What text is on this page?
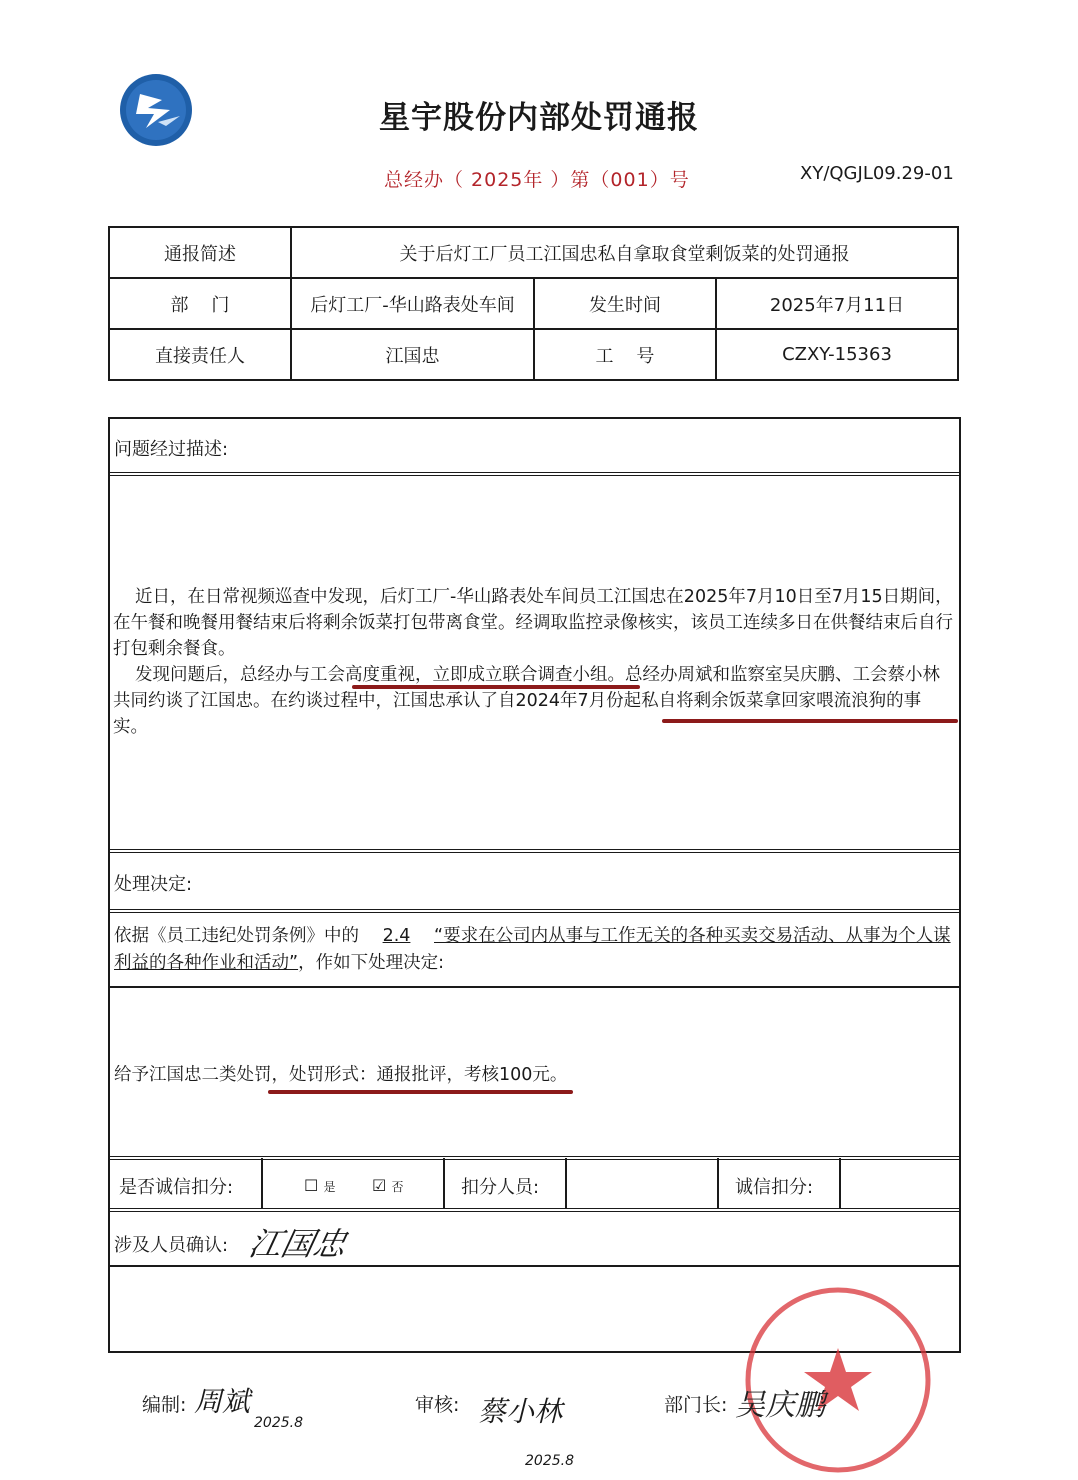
星宇股份内部处罚通报
总经办（ 2025年 ）第（001）号	XY/QGJL09.29-01
通报简述	关于后灯工厂员工江国忠私自拿取食堂剩饭菜的处罚通报		
部    门	后灯工厂-华山路表处车间	发生时间	2025年7月11日
直接责任人	江国忠	工    号	CZXY-15363
问题经过描述:

近日，在日常视频巡查中发现，后灯工厂-华山路表处车间员工江国忠在2025年7月10日至7月15日期间，在午餐和晚餐用餐结束后将剩余饭菜打包带离食堂。经调取监控录像核实，该员工连续多日在供餐结束后自行打包剩余餐食。

发现问题后，总经办与工会高度重视，立即成立联合调查小组。总经办周斌和监察室吴庆鹏、工会蔡小林共同约谈了江国忠。在约谈过程中，江国忠承认了自2024年7月份起私自将剩余饭菜拿回家喂流浪狗的事实。

处理决定:
依据《员工违纪处罚条例》中的 2.4 “要求在公司内从事与工作无关的各种买卖交易活动、从事为个人谋利益的各种作业和活动”，作如下处理决定:
给予江国忠二类处罚，处罚形式：通报批评，考核100元。
是否诚信扣分:	☐ 是 ☑ 否	扣分人员:	诚信扣分:
涉及人员确认: 江国忠
编制: 周斌
2025.8
审核: 蔡小林
2025.8
部门长: 吴庆鹏
